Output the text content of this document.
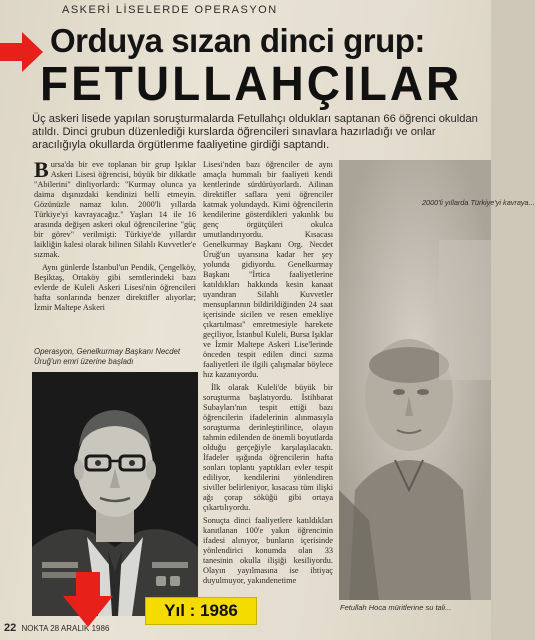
ASKERİ LİSELERDE OPERASYON
Orduya sızan dinci grup:
FETULLAHÇILAR
Üç askeri lisede yapılan soruşturmalarda Fetullahçı oldukları saptanan 66 öğrenci okuldan atıldı. Dinci grubun düzenlediği kurslarda öğrencileri sınavlara hazırladığı ve onlar aracılığıyla okullarda örgütlenme faaliyetine girdiği saptandı.

Bursa'da bir eve toplanan bir grup Işıklar Askeri Lisesi öğrencisi, büyük bir dikkatle "Abilerini" dinliyorlardı: "Kurmay olunca ya daima dışınızdaki kendinizi belli etmeyin. Gözünüzle namaz kılın. 2000'li yıllarda Türkiye'yi kavrayacağız." Yaşları 14 ile 16 arasında değişen askeri okul öğrencilerine "güç bir görev" verilmişti: Türkiye'de yıllardır laikliğin kalesi olarak bilinen Silahlı Kuvvetler'e sızmak.

Aynı günlerde İstanbul'un Pendik, Çengelköy, Beşiktaş, Ortaköy gibi semtlerindeki bazı evlerde de Kuleli Askeri Lisesi'nin öğrencileri hafta sonlarında benzer direktifler alıyorlar; İzmir Maltepe Askeri

Operasyon, Genelkurmay Başkanı Necdet Üruğ'un emri üzerine başladı

Lisesi'nden bazı öğrenciler de aynı amaçla hummalı bir faaliyeti kendi kentlerinde sürdürüyorlardı. Ailinan direktifler saflara yeni öğrenciler katmak yolundaydı. Kimi öğrencilerin kendilerine gösterdikleri yakınlık bu genç örgütçüleri okulca umutlandırıyordu. Kısacası Genelkurmay Başkanı Org. Necdet Üruğ'un uyarısına kadar her şey yolunda gidiyordu. Genelkurmay Başkanı "İrtica faaliyetlerine katıldıkları hakkında kesin kanaat uyandıran Silahlı Kuvvetler mensuplarının bildirildiğinden 24 saat içerisinde sicilen ve resen emekliye çıkartılması" emretmesiyle harekete geçiliyor, İstanbul Kuleli, Bursa Işıklar ve İzmir Maltepe Askeri Lise'lerinde önceden tespit edilen dinci sızma faaliyetleri ile ilgili çalışmalar böylece hız kazanıyordu.

İlk olarak Kuleli'de büyük bir soruşturma başlatıyordu. İstihbarat Subayları'nın tespit ettiği bazı öğrencilerin ifadelerinin alınmasıyla soruşturma derinleştirilince, olayın tahmin edilenden de önemli boyutlarda olduğu gerçeğiyle karşılaşılacaktı. İfadeler ışığında öğrencilerin hafta sonları toplantı yaptıkları evler tespit ediliyor, kendilerini yönlendiren siviller belirleniyor, kısacası tüm ilişki ağı çorap söküğü gibi ortaya çıkartılıyordu.

Sonuçta dinci faaliyetlere katıldıkları kanıtlanan 100'e yakın öğrencinin ifadesi alınıyor, bunların içerisinde yönlendirici konumda olan 33 tanesinin okulla ilişiği kesiliyordu. Olayın yayılmasına ise ihtiyaç duyulmuyor, yakındenetime

2000'li yıllarda Türkiye'yi kavraya...
Fetullah Hoca müritlerine su tali...
22 NOKTA 28 ARALIK 1986
Yıl : 1986
